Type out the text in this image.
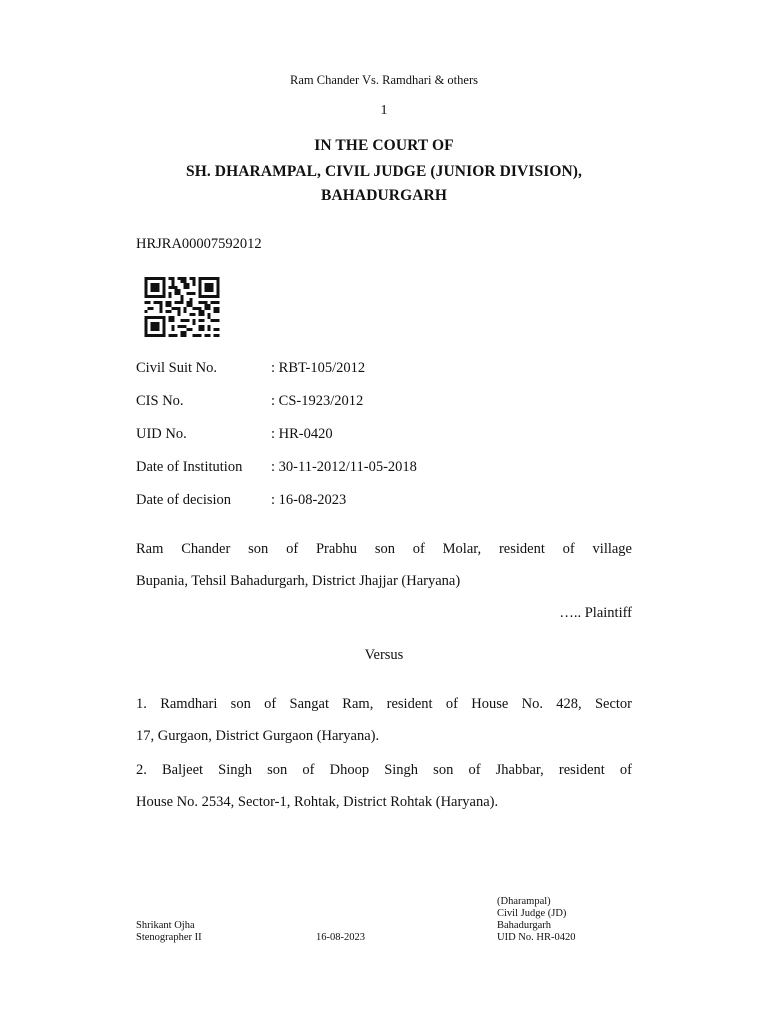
Ram Chander Vs. Ramdhari & others
1
IN THE COURT OF
SH. DHARAMPAL, CIVIL JUDGE (JUNIOR DIVISION),
BAHADURGARH
HRJRA00007592012
Civil Suit No.	: RBT-105/2012
CIS No.	: CS-1923/2012
UID No.	: HR-0420
Date of Institution	: 30-11-2012/11-05-2018
Date of decision	: 16-08-2023
Ram Chander son of Prabhu son of Molar, resident of village
Bupania, Tehsil Bahadurgarh, District Jhajjar (Haryana)
….. Plaintiff
Versus
1. Ramdhari son of Sangat Ram, resident of House No. 428, Sector
17, Gurgaon, District Gurgaon (Haryana).
2. Baljeet Singh son of Dhoop Singh son of Jhabbar, resident of
House No. 2534, Sector-1, Rohtak, District Rohtak (Haryana).
Shrikant Ojha
Stenographer II	16-08-2023
(Dharampal)
Civil Judge (JD)
Bahadurgarh
UID No. HR-0420
